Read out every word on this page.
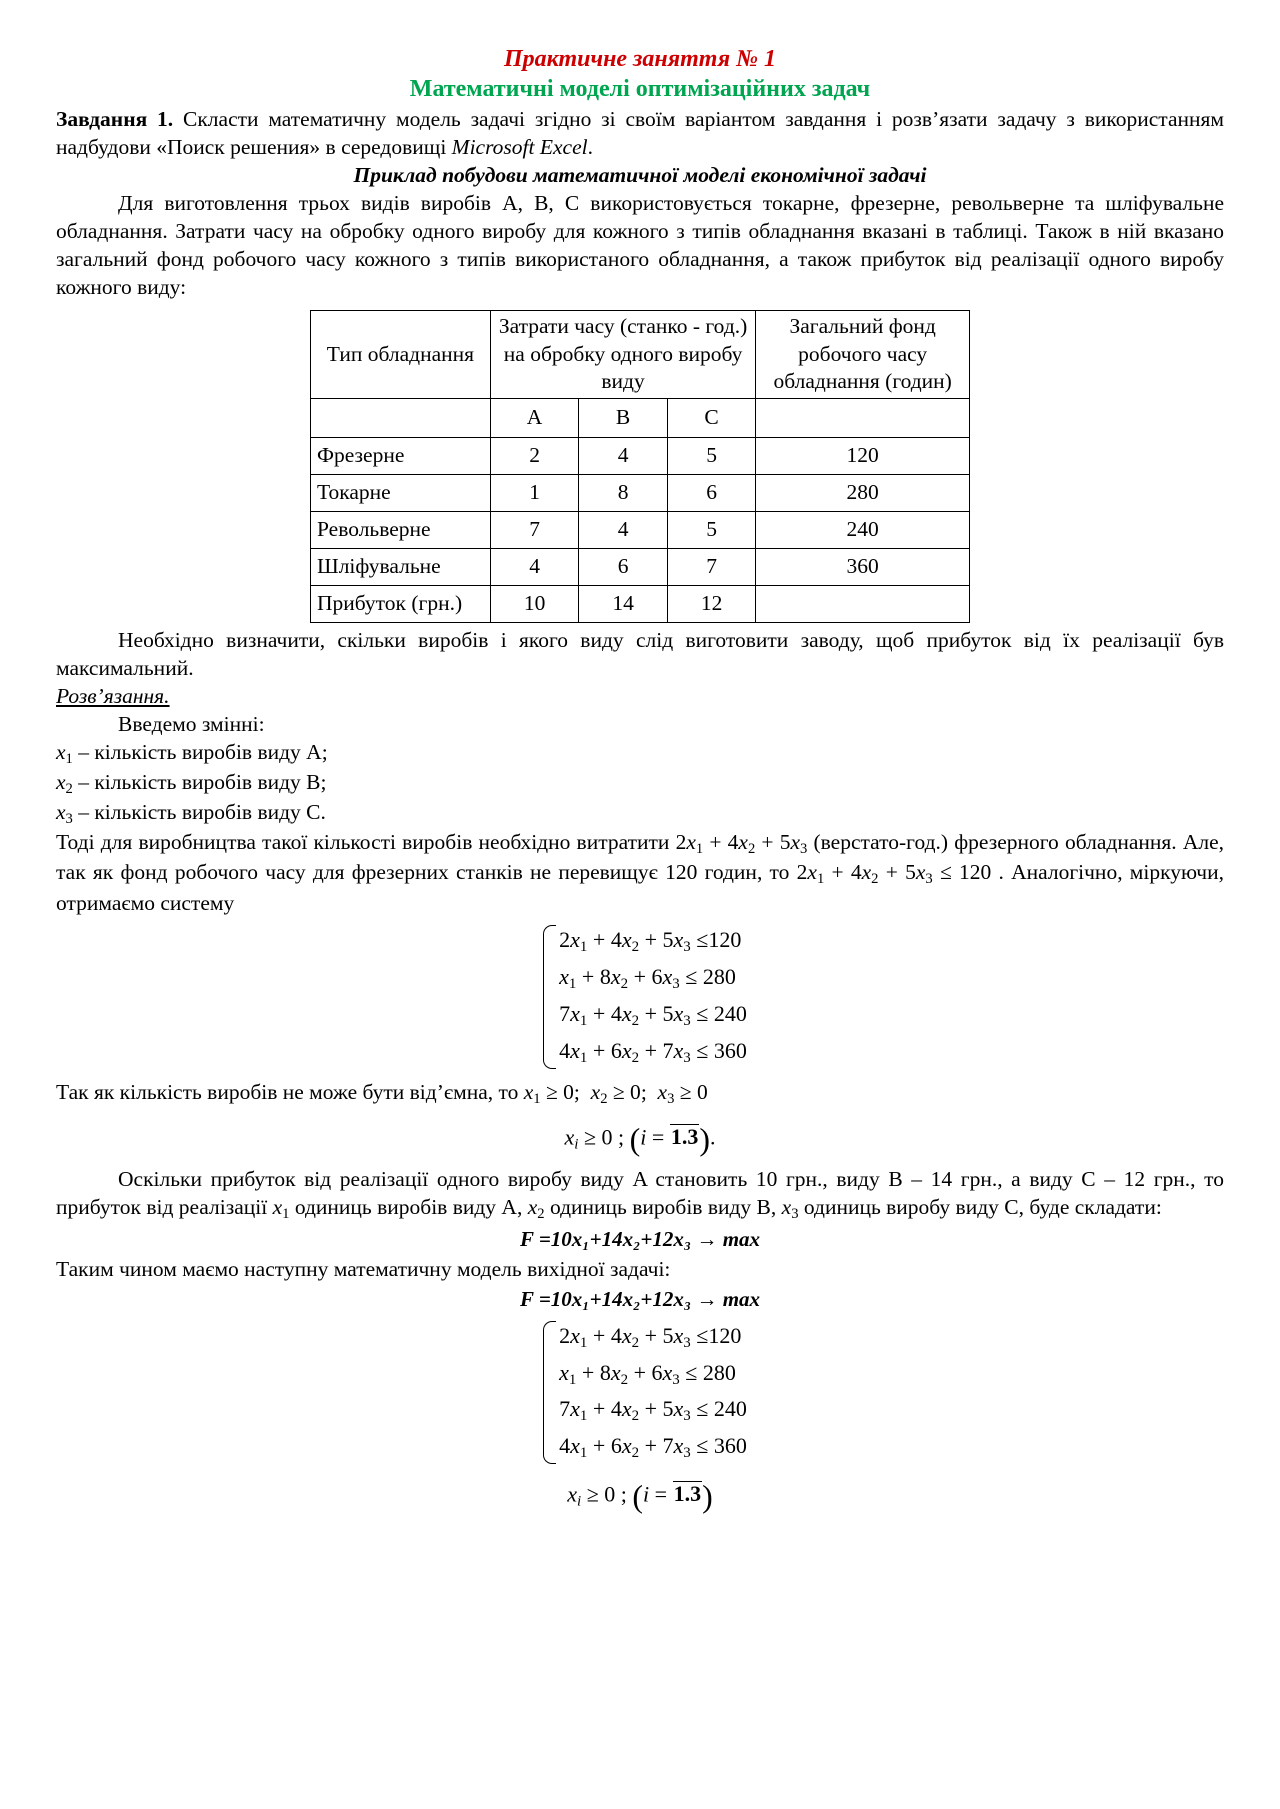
Практичне заняття № 1
Математичні моделі оптимізаційних задач

Завдання 1. Скласти математичну модель задачі згідно зі своїм варіантом завдання і розв’язати задачу з використанням надбудови «Поиск решения» в середовищі Microsoft Excel.

Приклад побудови математичної моделі економічної задачі

Для виготовлення трьох видів виробів A, B, C використовується токарне, фрезерне, револьверне та шліфувальне обладнання. Затрати часу на обробку одного виробу для кожного з типів обладнання вказані в таблиці. Також в ній вказано загальний фонд робочого часу кожного з типів використаного обладнання, а також прибуток від реалізації одного виробу кожного виду:

Тип обладнання	Затрати часу (станко - год.) на обробку одного виробу виду			Загальний фонд робочого часу обладнання (годин)
	A	B	C	
Фрезерне	2	4	5	120
Токарне	1	8	6	280
Револьверне	7	4	5	240
Шліфувальне	4	6	7	360
Прибуток (грн.)	10	14	12	

Необхідно визначити, скільки виробів і якого виду слід виготовити заводу, щоб прибуток від їх реалізації був максимальний.

Розв’язання.

Введемо змінні:

$x_1$ – кількість виробів виду A;

$x_2$ – кількість виробів виду B;

$x_3$ – кількість виробів виду C.

Тоді для виробництва такої кількості виробів необхідно витратити $2x_1 + 4x_2 + 5x_3$ (верстато-год.) фрезерного обладнання. Але, так як фонд робочого часу для фрезерних станків не перевищує 120 годин, то $2x_1 + 4x_2 + 5x_3 \le 120$ . Аналогічно, міркуючи, отримаємо систему

$2x_1 + 4x_2 + 5x_3 \le 120$
$x_1 + 8x_2 + 6x_3 \le 280$
$7x_1 + 4x_2 + 5x_3 \le 240$
$4x_1 + 6x_2 + 7x_3 \le 360$

Так як кількість виробів не може бути від’ємна, то $x_1 \ge 0$;  $x_2 \ge 0$;  $x_3 \ge 0$

$x_i \ge 0$ ; (i = 1.3).

Оскільки прибуток від реалізації одного виробу виду A становить 10 грн., виду B – 14 грн., а виду C – 12 грн., то прибуток від реалізації $x_1$ одиниць виробів виду A, $x_2$ одиниць виробів виду B, $x_3$ одиниць виробу виду C, буде складати:

F =10x₁+14x₂+12x₃ → max

Таким чином маємо наступну математичну модель вихідної задачі:

F =10x₁+14x₂+12x₃ → max
$2x_1 + 4x_2 + 5x_3 \le 120$
$x_1 + 8x_2 + 6x_3 \le 280$
$7x_1 + 4x_2 + 5x_3 \le 240$
$4x_1 + 6x_2 + 7x_3 \le 360$
$x_i \ge 0$ ; (i = 1.3)
